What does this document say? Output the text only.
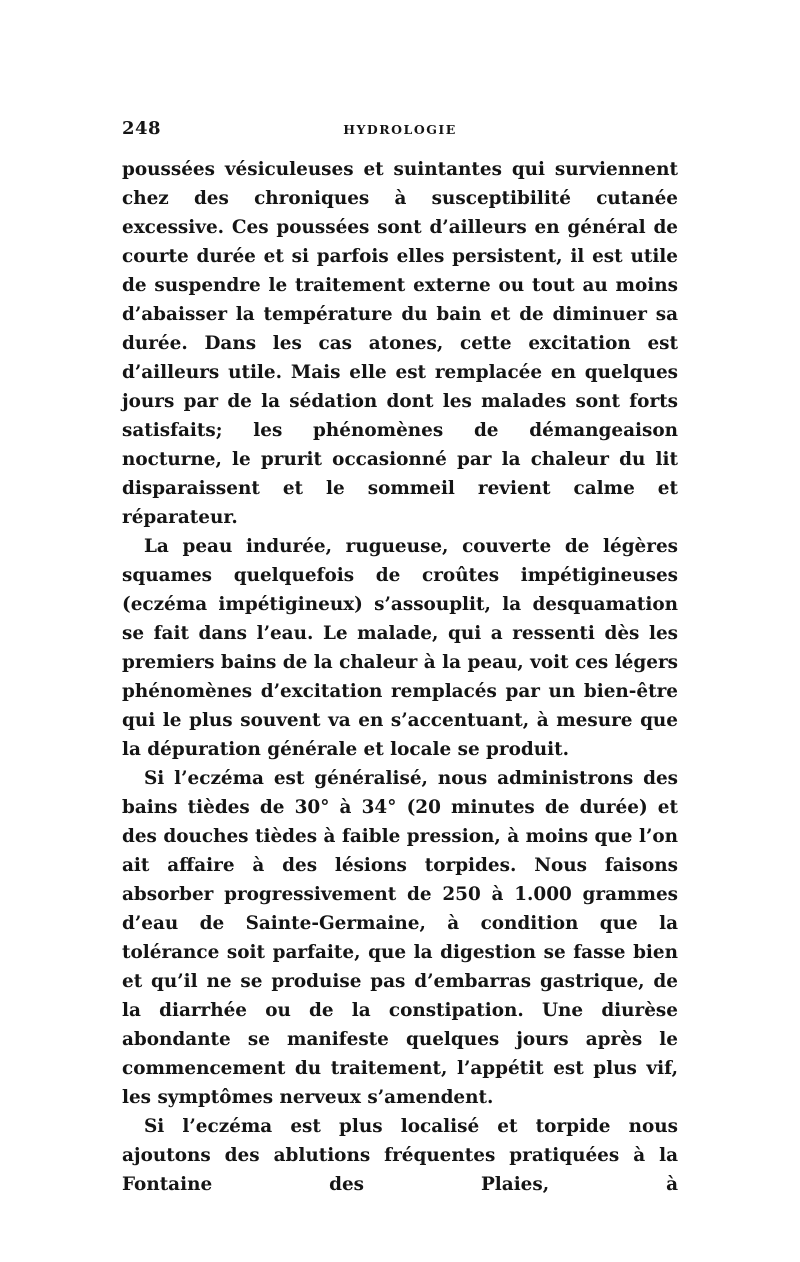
248	HYDROLOGIE

poussées vésiculeuses et suintantes qui surviennent chez des chroniques à susceptibilité cutanée excessive. Ces poussées sont d’ailleurs en général de courte durée et si parfois elles persistent, il est utile de suspendre le traitement externe ou tout au moins d’abaisser la température du bain et de diminuer sa durée. Dans les cas atones, cette excitation est d’ailleurs utile. Mais elle est remplacée en quelques jours par de la sédation dont les malades sont forts satisfaits; les phénomènes de démangeaison nocturne, le prurit occasionné par la chaleur du lit disparaissent et le sommeil revient calme et réparateur.

La peau indurée, rugueuse, couverte de légères squames quelquefois de croûtes impétigineuses (eczéma impétigineux) s’assouplit, la desquamation se fait dans l’eau. Le malade, qui a ressenti dès les premiers bains de la chaleur à la peau, voit ces légers phénomènes d’excitation remplacés par un bien-être qui le plus souvent va en s’accentuant, à mesure que la dépuration générale et locale se produit.

Si l’eczéma est généralisé, nous administrons des bains tièdes de 30° à 34° (20 minutes de durée) et des douches tièdes à faible pression, à moins que l’on ait affaire à des lésions torpides. Nous faisons absorber progressivement de 250 à 1.000 grammes d’eau de Sainte-Germaine, à condition que la tolérance soit parfaite, que la digestion se fasse bien et qu’il ne se produise pas d’embarras gastrique, de la diarrhée ou de la constipation. Une diurèse abondante se manifeste quelques jours après le commencement du traitement, l’appétit est plus vif, les symptômes nerveux s’amendent.

Si l’eczéma est plus localisé et torpide nous ajoutons des ablutions fréquentes pratiquées à la Fontaine des Plaies, à
